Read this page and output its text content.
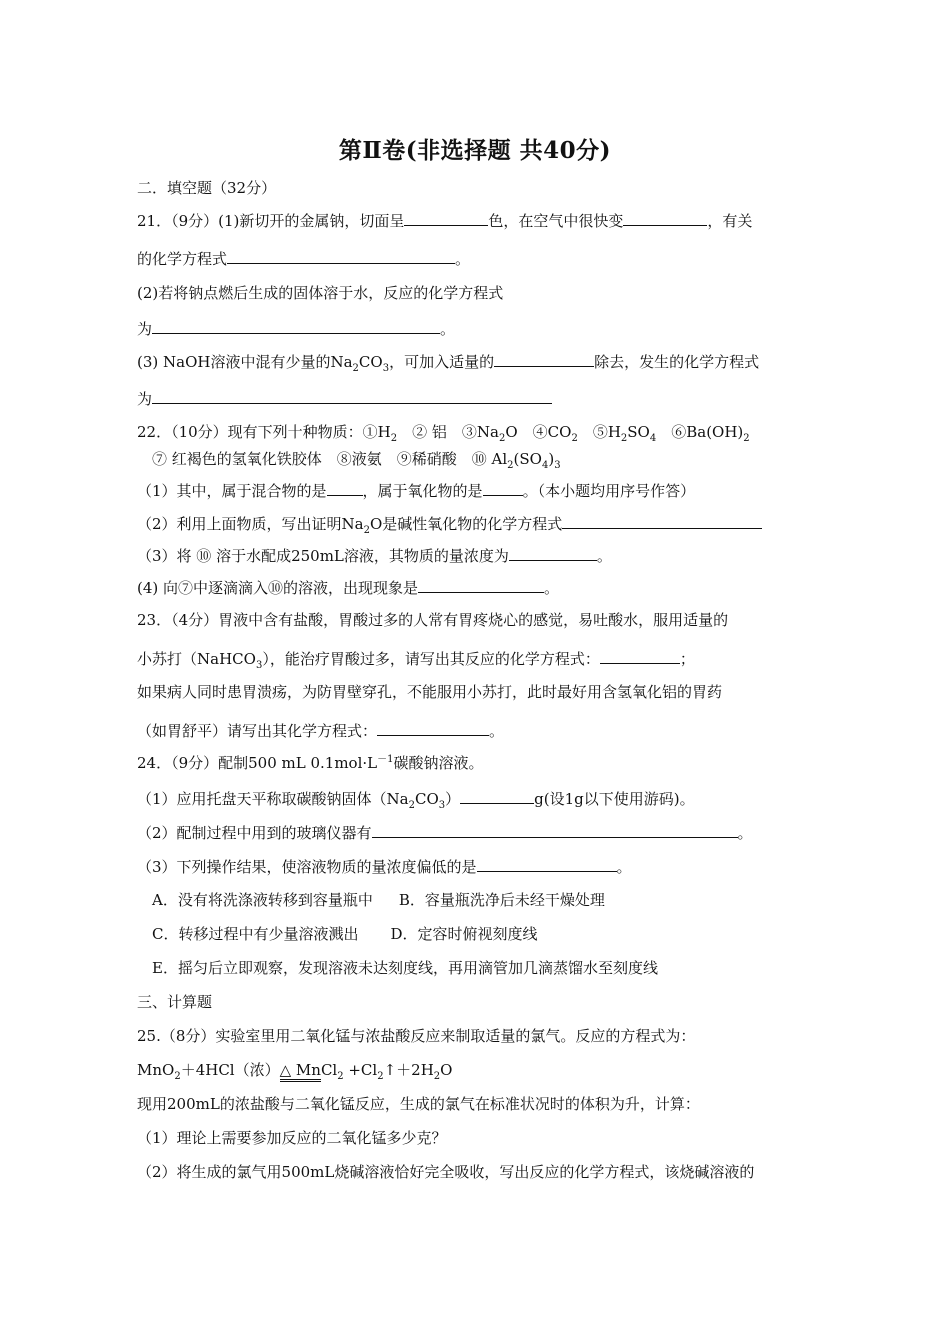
第Ⅱ卷(非选择题 共40分)
二．填空题（32分）
21．（9分）(1)新切开的金属钠，切面呈	色，在空气中很快变	，有关
的化学方程式	。
(2)若将钠点燃后生成的固体溶于水，反应的化学方程式
为	。
(3) NaOH溶液中混有少量的$Na_2CO_3$，可加入适量的	除去，发生的化学方程式
为
22．（10分）现有下列十种物质：$①H_2$　② 铝　$③Na_2O$　$④CO_2$　$⑤H_2SO_4$　$⑥Ba(OH)_2$
⑦ 红褐色的氢氧化铁胶体　⑧液氨　⑨稀硝酸　⑩ $Al_2(SO_4)_3$
（1）其中，属于混合物的是 ，属于氧化物的是	。（本小题均用序号作答）
（2）利用上面物质，写出证明$Na_2O$是碱性氧化物的化学方程式
（3）将 ⑩ 溶于水配成250mL溶液，其物质的量浓度为	。
(4) 向⑦中逐滴滴入⑩的溶液，出现现象是	。
23．（4分）胃液中含有盐酸，胃酸过多的人常有胃疼烧心的感觉，易吐酸水，服用适量的
小苏打（NaHCO$_3$），能治疗胃酸过多，请写出其反应的化学方程式：	；
如果病人同时患胃溃疡，为防胃壁穿孔，不能服用小苏打，此时最好用含氢氧化铝的胃药
（如胃舒平）请写出其化学方程式：	。
24．（9分）配制500 mL $0.1mol\cdot L^{-1}$碳酸钠溶液。
（1）应用托盘天平称取碳酸钠固体$(Na_2CO_3)$	g(设1g以下使用游码)。
（2）配制过程中用到的玻璃仪器有	。
（3）下列操作结果，使溶液物质的量浓度偏低的是	。
A．没有将洗涤液转移到容量瓶中 B．容量瓶洗净后未经干燥处理
C．转移过程中有少量溶液溅出 D．定容时俯视刻度线
E．摇匀后立即观察，发现溶液未达刻度线，再用滴管加几滴蒸馏水至刻度线
三、计算题
25.（8分）实验室里用二氧化锰与浓盐酸反应来制取适量的氯气。反应的方程式为：
MnO$_2$＋4HCl（浓）△ MnCl$_2$ $+Cl_2↑+2H_2O$
现用200mL的浓盐酸与二氧化锰反应，生成的氯气在标准状况时的体积为升，计算：
（1）理论上需要参加反应的二氧化锰多少克？
（2）将生成的氯气用500mL烧碱溶液恰好完全吸收，写出反应的化学方程式，该烧碱溶液的
